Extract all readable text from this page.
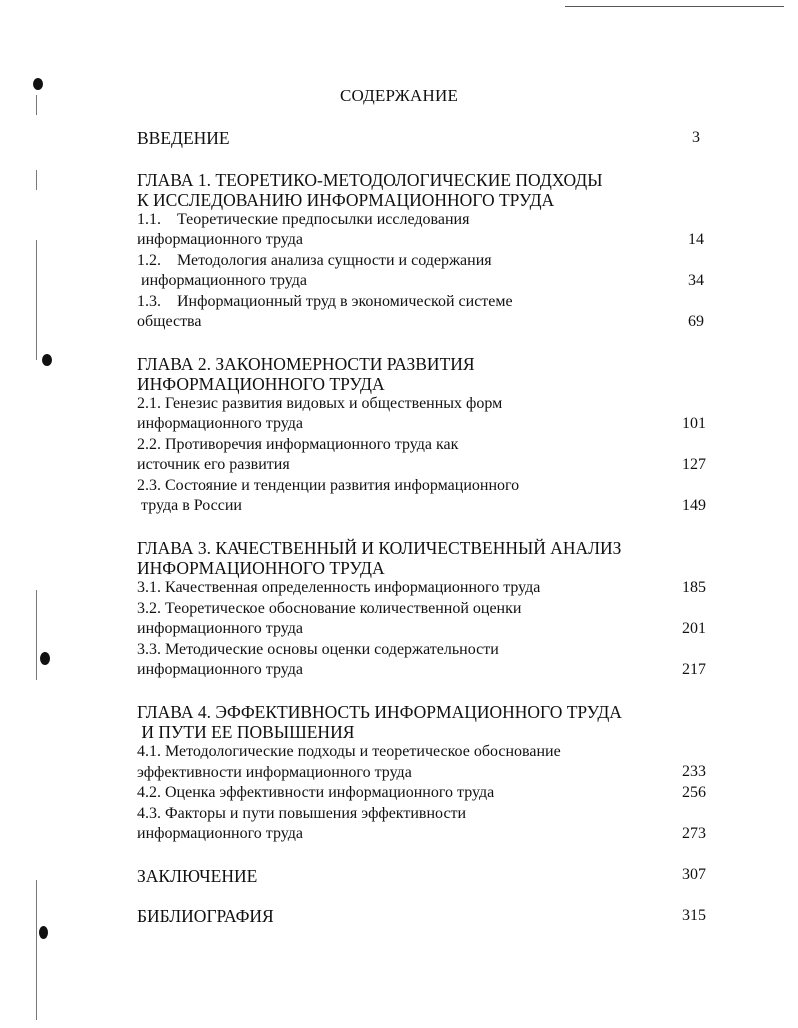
СОДЕРЖАНИЕ
ВВЕДЕНИЕ	3
ГЛАВА 1. ТЕОРЕТИКО-МЕТОДОЛОГИЧЕСКИЕ ПОДХОДЫ
К ИССЛЕДОВАНИЮ ИНФОРМАЦИОННОГО ТРУДА
1.1.    Теоретические предпосылки исследования
информационного труда	14
1.2.    Методология анализа сущности и содержания
информационного труда	34
1.3.    Информационный труд в экономической системе
общества	69
ГЛАВА 2. ЗАКОНОМЕРНОСТИ РАЗВИТИЯ
ИНФОРМАЦИОННОГО ТРУДА
2.1. Генезис развития видовых и общественных форм
информационного труда	101
2.2. Противоречия информационного труда как
источник его развития	127
2.3. Состояние и тенденции развития информационного
труда в России	149
ГЛАВА 3. КАЧЕСТВЕННЫЙ И КОЛИЧЕСТВЕННЫЙ АНАЛИЗ
ИНФОРМАЦИОННОГО ТРУДА
3.1. Качественная определенность информационного труда	185
3.2. Теоретическое обоснование количественной оценки
информационного труда	201
3.3. Методические основы оценки содержательности
информационного труда	217
ГЛАВА 4. ЭФФЕКТИВНОСТЬ ИНФОРМАЦИОННОГО ТРУДА
И ПУТИ ЕЕ ПОВЫШЕНИЯ
4.1. Методологические подходы и теоретическое обоснование
эффективности информационного труда	233
4.2. Оценка эффективности информационного труда	256
4.3. Факторы и пути повышения эффективности
информационного труда	273
ЗАКЛЮЧЕНИЕ	307
БИБЛИОГРАФИЯ	315
